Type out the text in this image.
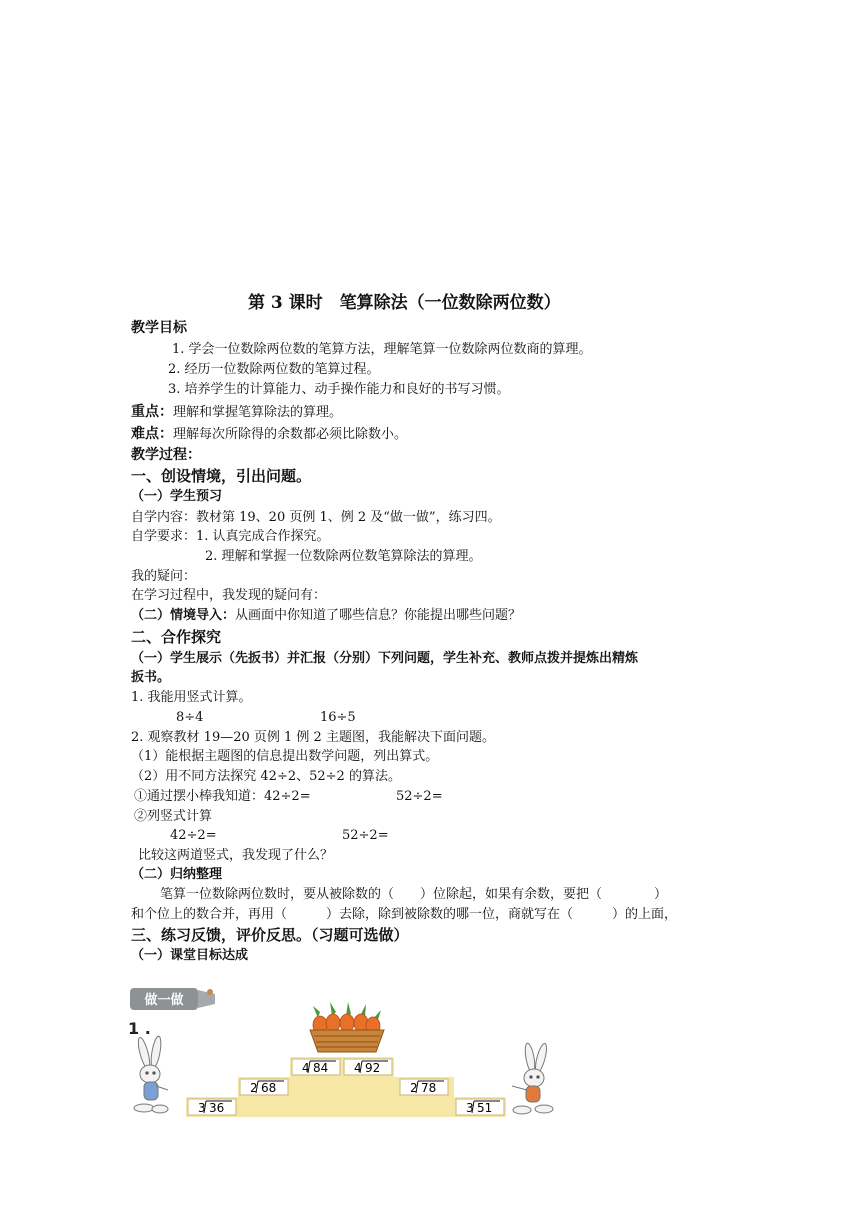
第 3 课时　笔算除法（一位数除两位数）
教学目标
1. 学会一位数除两位数的笔算方法，理解笔算一位数除两位数商的算理。
2. 经历一位数除两位数的笔算过程。
3. 培养学生的计算能力、动手操作能力和良好的书写习惯。
重点：理解和掌握笔算除法的算理。
难点：理解每次所除得的余数都必须比除数小。
教学过程：
一、创设情境，引出问题。
（一）学生预习
自学内容：教材第 19、20 页例 1、例 2 及“做一做”，练习四。
自学要求：1. 认真完成合作探究。
2. 理解和掌握一位数除两位数笔算除法的算理。
我的疑问：
在学习过程中，我发现的疑问有：
（二）情境导入：从画面中你知道了哪些信息？你能提出哪些问题？
二、合作探究
（一）学生展示（先扳书）并汇报（分别）下列问题，学生补充、教师点拨并提炼出精炼
扳书。
1. 我能用竖式计算。
8÷4	16÷5
2. 观察教材 19—20 页例 1 例 2 主题图，我能解决下面问题。
（1）能根据主题图的信息提出数学问题，列出算式。
（2）用不同方法探究 42÷2、52÷2 的算法。
①通过摆小棒我知道：42÷2=	52÷2=
②列竖式计算
42÷2=	52÷2=
比较这两道竖式，我发现了什么？
（二）归纳整理
笔算一位数除两位数时，要从被除数的（　　）位除起，如果有余数，要把（　　　　）
和个位上的数合并，再用（　　　）去除，除到被除数的哪一位，商就写在（　　　）的上面，
三、练习反馈，评价反思。（习题可选做）
（一）课堂目标达成
做一做
1 .
3 36
2 68
4 84 4 92
2 78
3 51
